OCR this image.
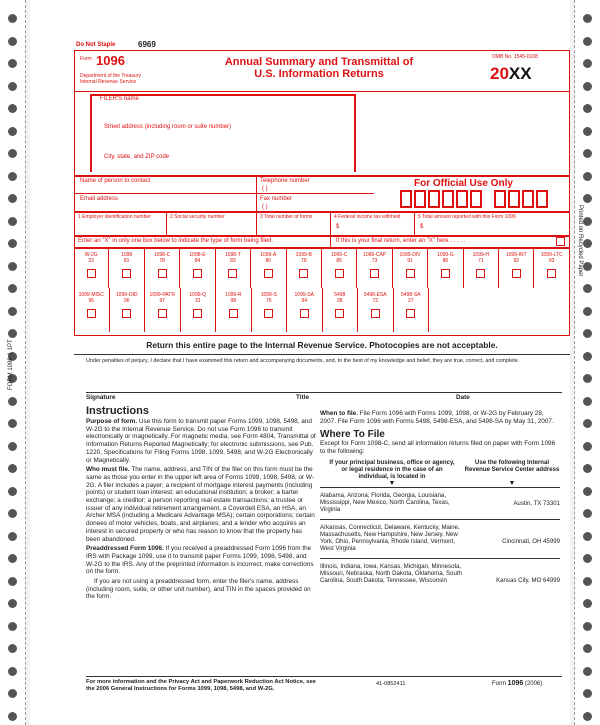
Do Not Staple	6969
Form 1096
Department of the Treasury Internal Revenue Service
Annual Summary and Transmittal of
U.S. Information Returns
OMB No. 1545-0108
20XX
FILER'S name
Street address (including room or suite number)
City, state, and ZIP code
Name of person to contact	Telephone number
( )
Email address	Fax number
( )
For Official Use Only
1 Employer identification number	2 Social security number	3 Total number of forms	4 Federal income tax withheld
$
5 Total amount reported with this Form 1096
$
Enter an "X" in only one box below to indicate the type of form being filed.	If this is your final return, enter an "X" here . . . . .
W-2G
32
1098
81
1098-C
78
1098-E
84
1098-T
83
1099-A
80
1099-B
79
1099-C
85
1099-CAP
73
1099-DIV
91
1099-G
86
1099-H
71
1099-INT
92
1099-LTC
93
1099-MISC
95
1099-OID
96
1099-PATR
97
1099-Q
31
1099-R
98
1099-S
75
1099-SA
94
5498
28
5498-ESA
72
5498-SA
27
Return this entire page to the Internal Revenue Service. Photocopies are not acceptable.
Under penalties of perjury, I declare that I have examined this return and accompanying documents, and, to the best of my knowledge and belief, they are true, correct, and complete.
Signature	Title	Date
Instructions

Purpose of form. Use this form to transmit paper Forms 1099, 1098, 5498, and W-2G to the Internal Revenue Service. Do not use Form 1096 to transmit electronically or magnetically. For magnetic media, see Form 4804, Transmittal of Information Returns Reported Magnetically; for electronic submissions, see Pub. 1220, Specifications for Filing Forms 1098, 1099, 5498, and W-2G Electronically or Magnetically.

Who must file. The name, address, and TIN of the filer on this form must be the same as those you enter in the upper left area of Forms 1099, 1098, 5498, or W-2G. A filer includes a payer; a recipient of mortgage interest payments (including points) or student loan interest; an educational institution; a broker; a barter exchange; a creditor; a person reporting real estate transactions; a trustee or issuer of any individual retirement arrangement, a Coverdell ESA, an HSA, an Archer MSA (including a Medicare Advantage MSA); certain corporations; certain donees of motor vehicles, boats, and airplanes; and a lender who acquires an interest in secured property or who has reason to know that the property has been abandoned.

Preaddressed Form 1096. If you received a preaddressed Form 1096 from the IRS with Package 1099, use it to transmit paper Forms 1099, 1098, 5498, and W-2G to the IRS. Any of the preprinted information is incorrect, make corrections on the form.

If you are not using a preaddressed form, enter the filer's name, address (including room, suite, or other unit number), and TIN in the spaces provided on the form.

When to file. File Form 1096 with Forms 1099, 1098, or W-2G by February 28, 2007. File Form 1096 with Forms 5498, 5498-ESA, and 5498-SA by May 31, 2007.

Where To File

Except for Form 1098-C, send all information returns filed on paper with Form 1096 to the following:

If your principal business, office or agency, or legal residence in the case of an individual, is located in	Use the following Internal Revenue Service Center address
▼	▼
Alabama, Arizona, Florida, Georgia, Louisiana, Mississippi, New Mexico, North Carolina, Texas, Virginia	Austin, TX 73301
Arkansas, Connecticut, Delaware, Kentucky, Maine, Massachusetts, New Hampshire, New Jersey, New York, Ohio, Pennsylvania, Rhode Island, Vermont, West Virginia	Cincinnati, OH 45999
Illinois, Indiana, Iowa, Kansas, Michigan, Minnesota, Missouri, Nebraska, North Dakota, Oklahoma, South Carolina, South Dakota, Tennessee, Wisconsin	Kansas City, MO 64999
For more information and the Privacy Act and Paperwork Reduction Act Notice, see the 2006 General Instructions for Forms 1099, 1098, 5498, and W-2G.
41-0852411	Form 1096 (2006)
FORM 1096-1 1PT
Printed on Recycled Paper
